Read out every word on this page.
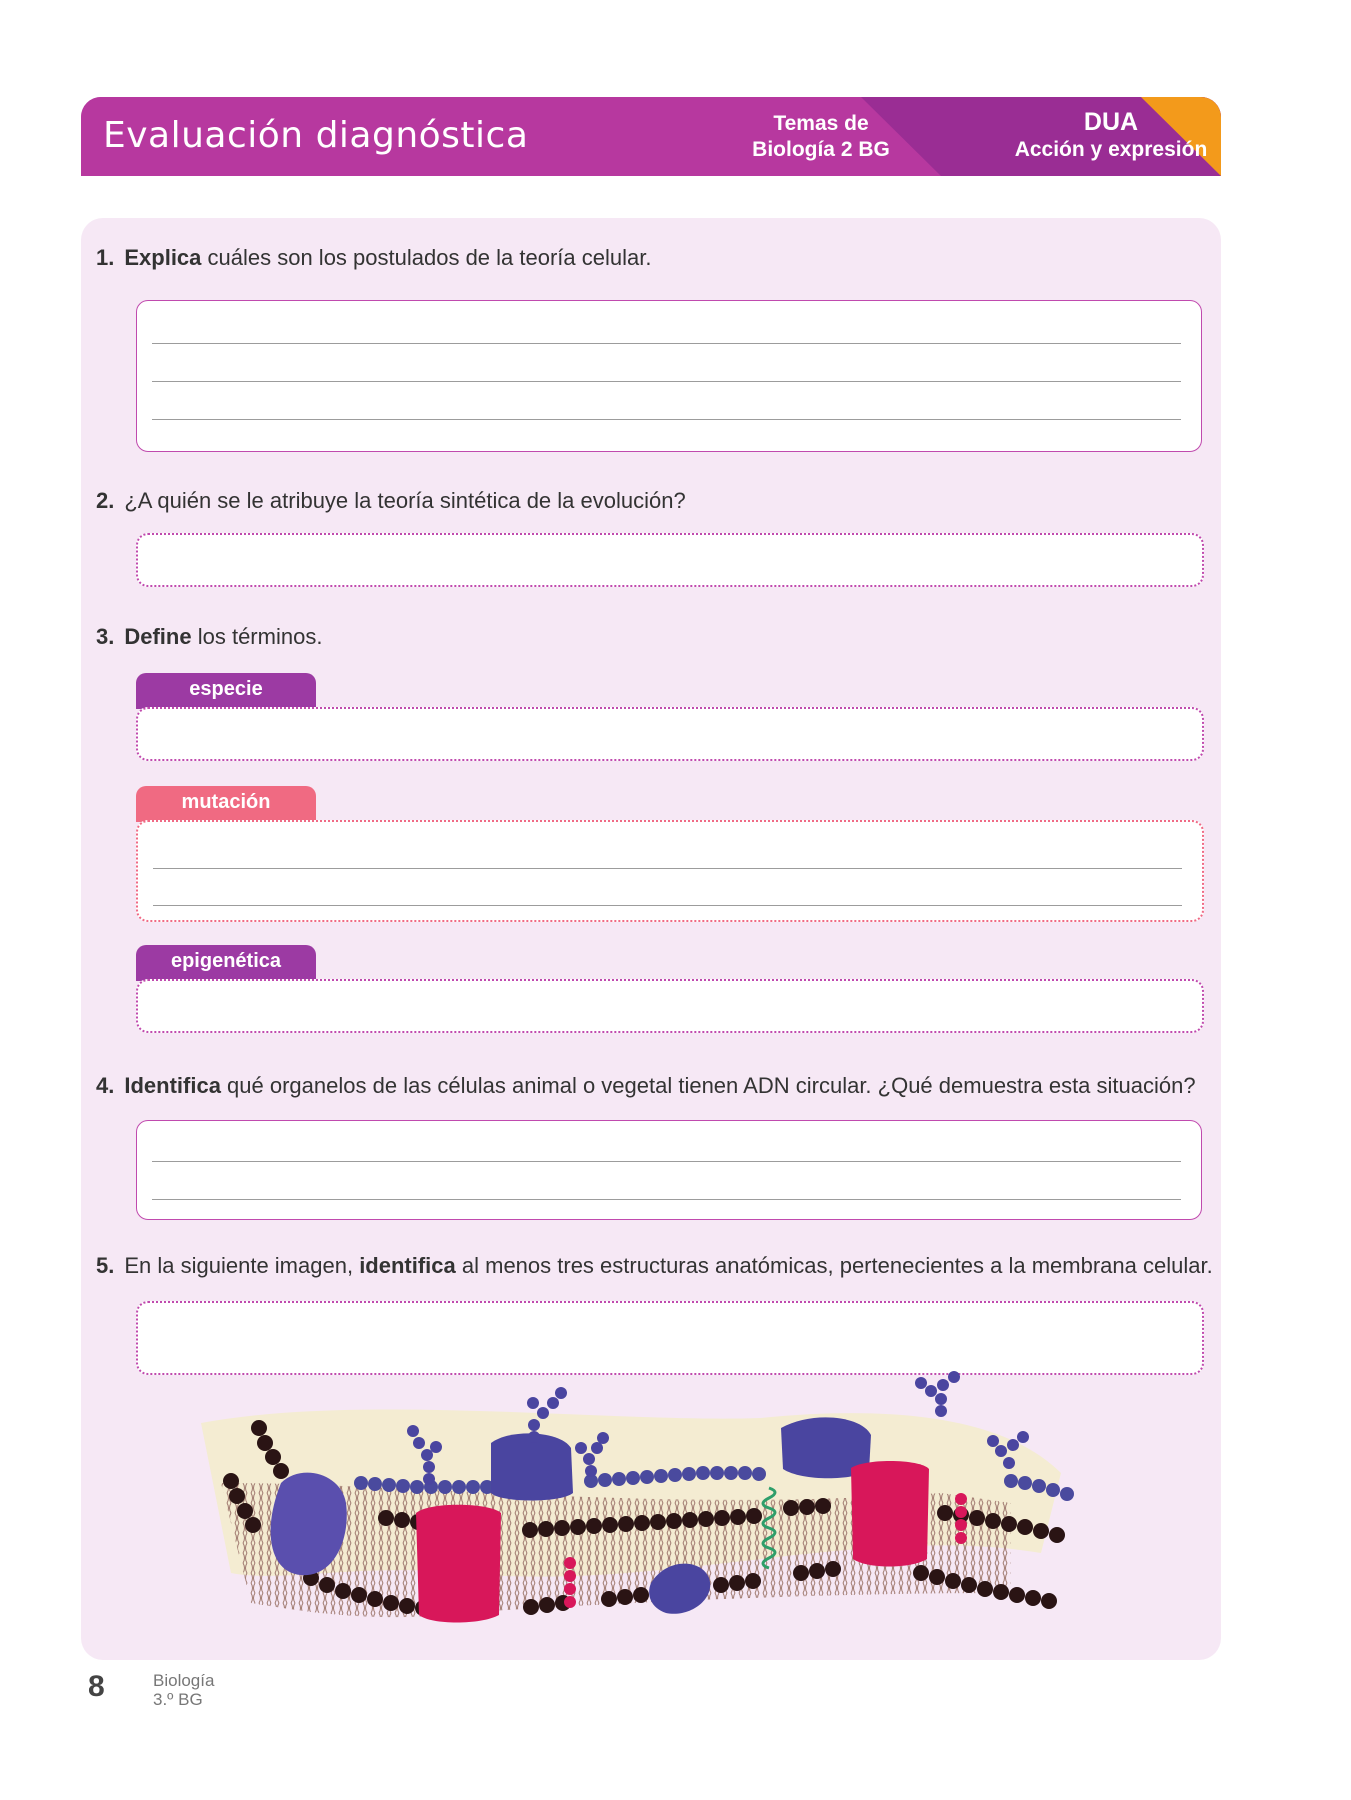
Evaluación diagnóstica	Temas de
Biología 2 BG
DUA
Acción y expresión
1. Explica cuáles son los postulados de la teoría celular.
2. ¿A quién se le atribuye la teoría sintética de la evolución?
3. Define los términos.
especie
mutación
epigenética
4. Identifica qué organelos de las células animal o vegetal tienen ADN circular. ¿Qué demuestra esta situación?
5. En la siguiente imagen, identifica al menos tres estructuras anatómicas, pertenecientes a la membrana celular.
8	Biología
3.º BG
